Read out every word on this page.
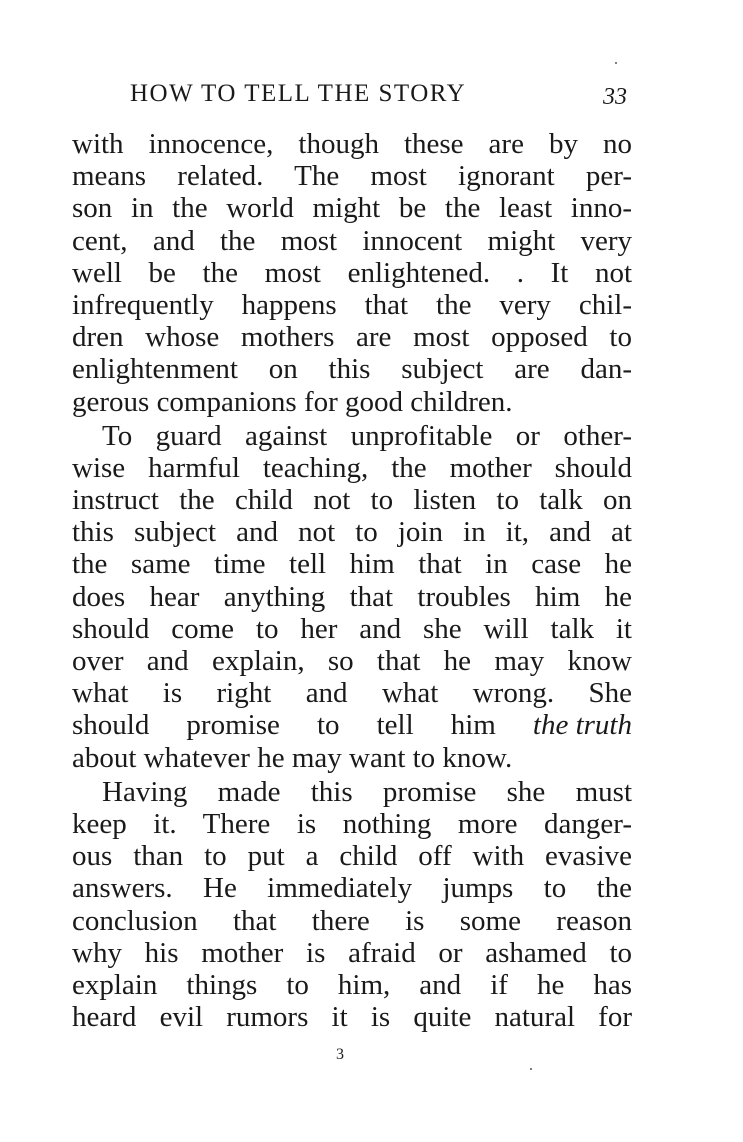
HOW TO TELL THE STORY	33
with innocence, though these are by no
means related. The most ignorant per-
son in the world might be the least inno-
cent, and the most innocent might very
well be the most enlightened. . It not
infrequently happens that the very chil-
dren whose mothers are most opposed to
enlightenment on this subject are dan-
gerous companions for good children.
To guard against unprofitable or other-
wise harmful teaching, the mother should
instruct the child not to listen to talk on
this subject and not to join in it, and at
the same time tell him that in case he
does hear anything that troubles him he
should come to her and she will talk it
over and explain, so that he may know
what is right and what wrong. She
should promise to tell him the truth
about whatever he may want to know.
Having made this promise she must
keep it. There is nothing more danger-
ous than to put a child off with evasive
answers. He immediately jumps to the
conclusion that there is some reason
why his mother is afraid or ashamed to
explain things to him, and if he has
heard evil rumors it is quite natural for
3
